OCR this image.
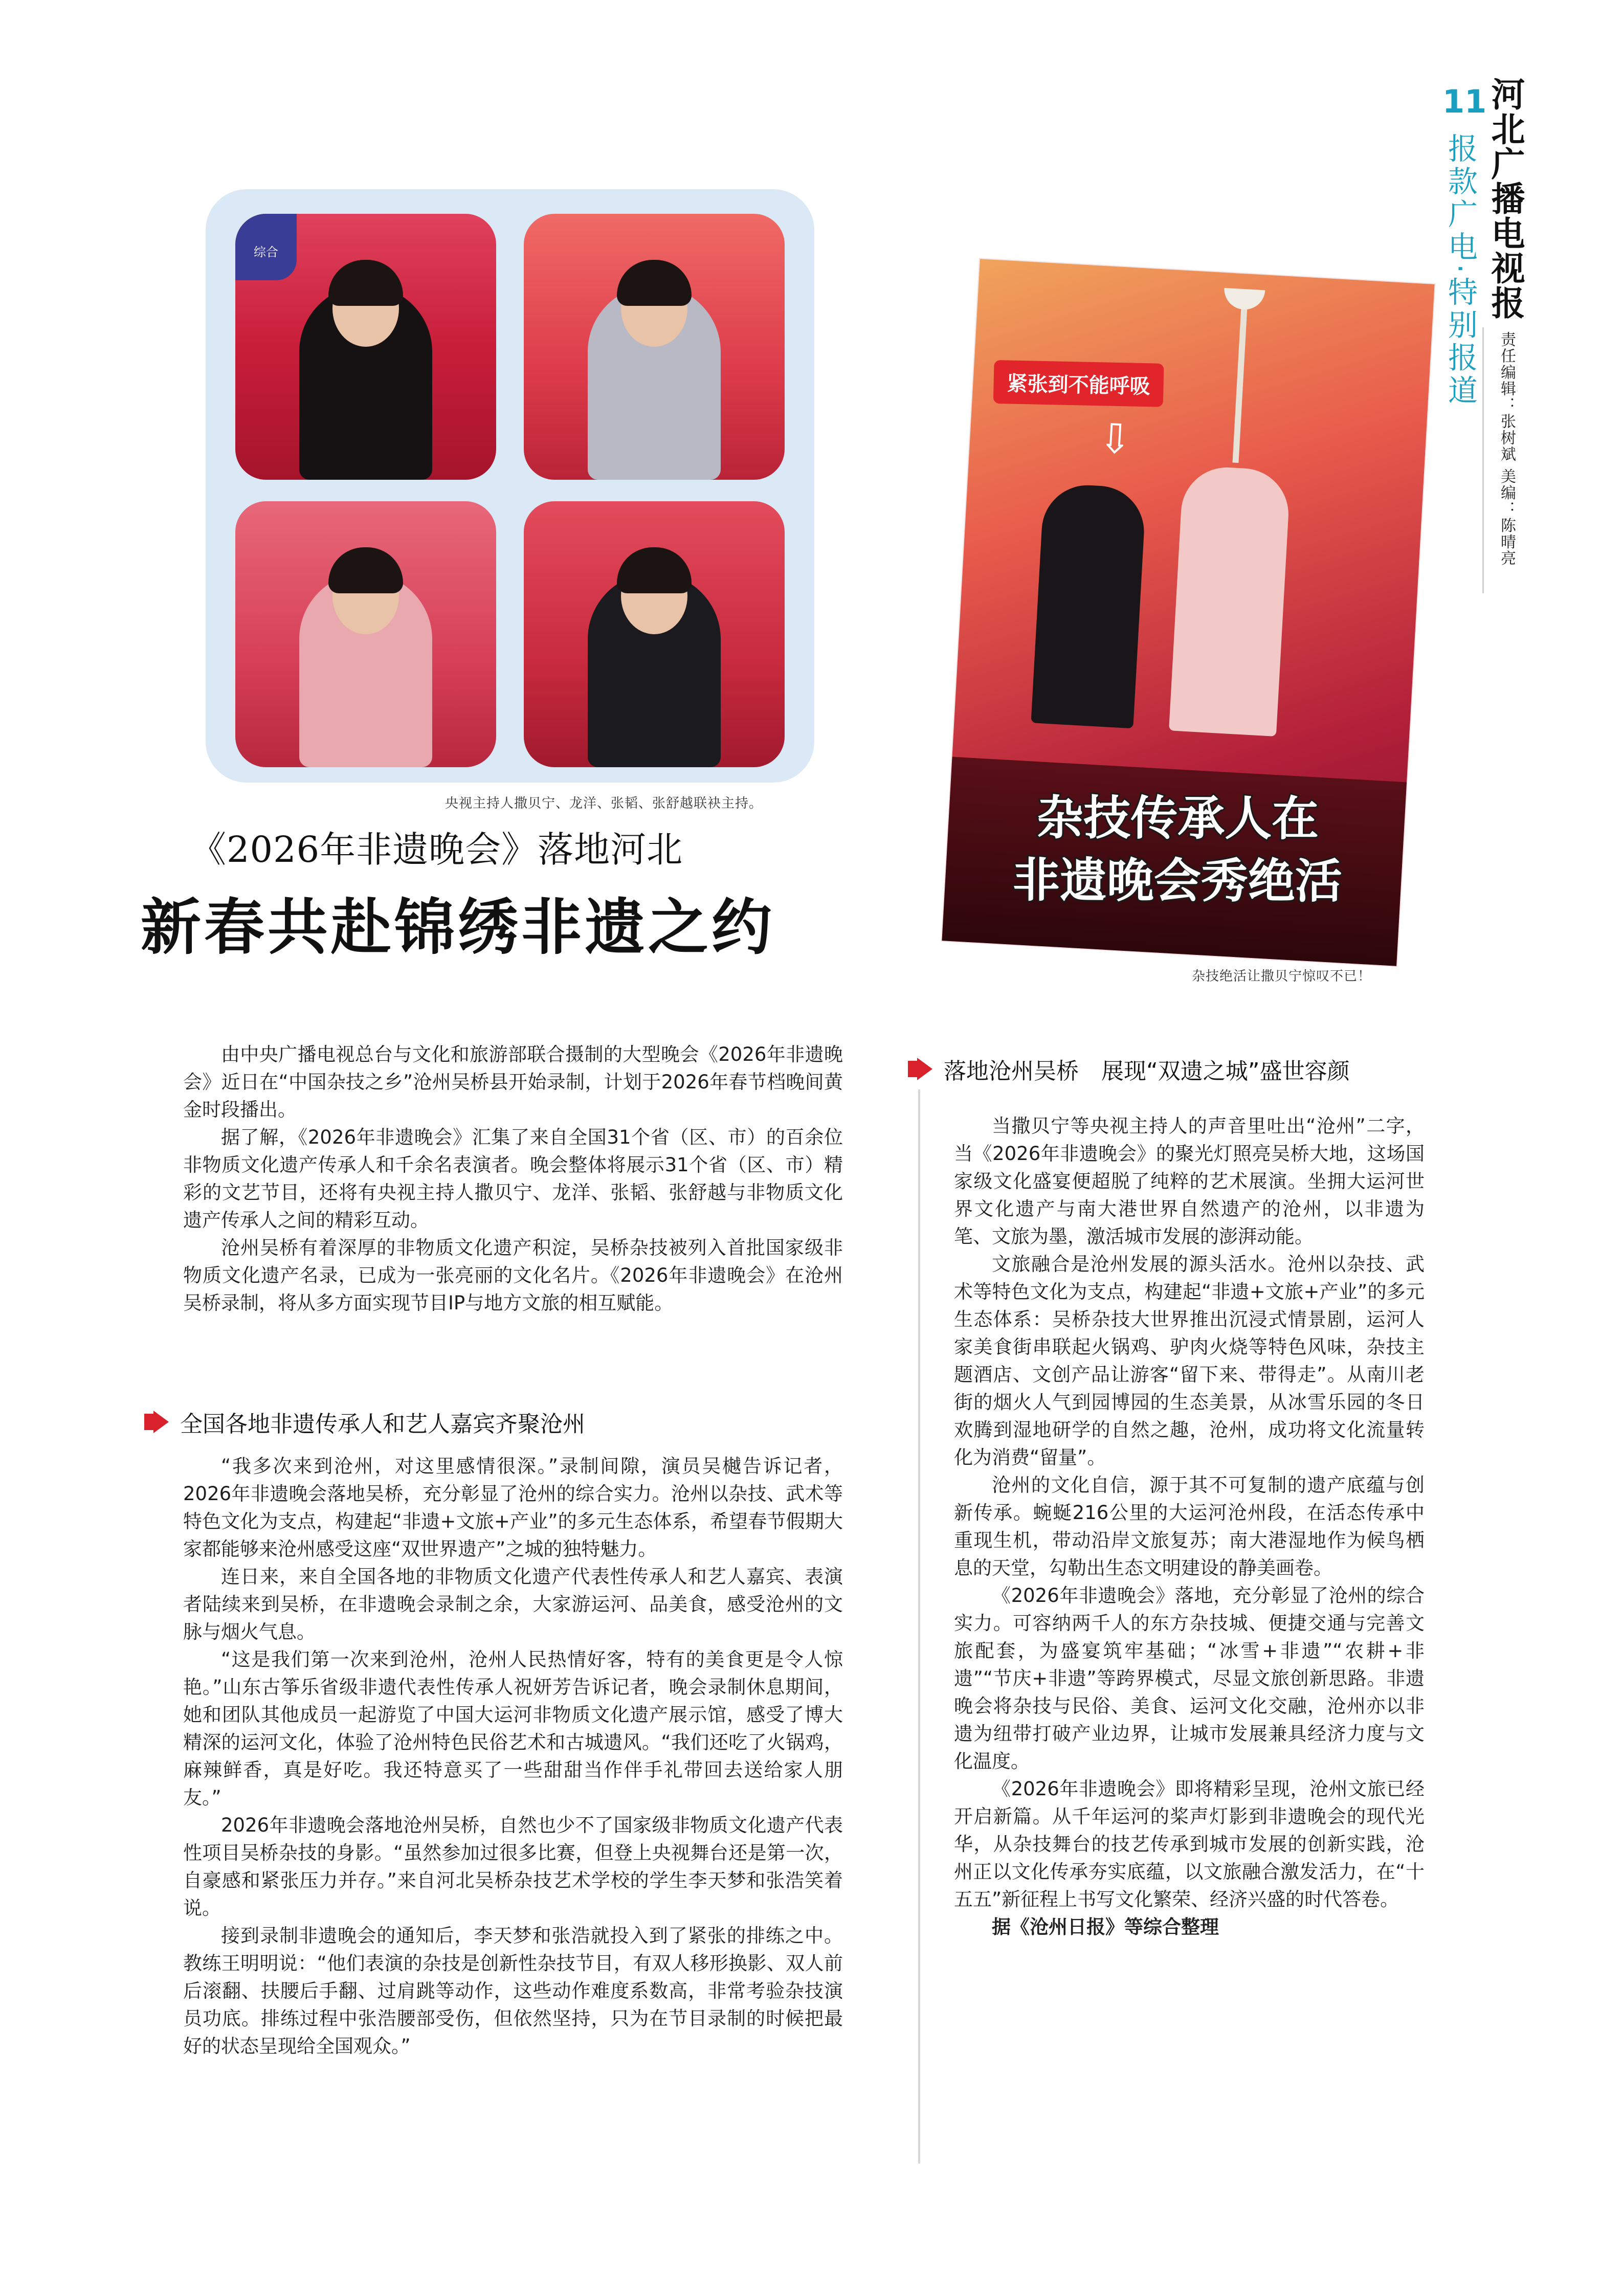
11
河北广播电视报
报款广电·特别报道
责任编辑：张树斌 美编：陈晴亮
综合
央视主持人撒贝宁、龙洋、张韬、张舒越联袂主持。
紧张到不能呼吸
⇩
杂技传承人在
非遗晚会秀绝活
杂技绝活让撒贝宁惊叹不已！
《2026年非遗晚会》落地河北
新春共赴锦绣非遗之约

由中央广播电视总台与文化和旅游部联合摄制的大型晚会《2026年非遗晚会》近日在“中国杂技之乡”沧州吴桥县开始录制，计划于2026年春节档晚间黄金时段播出。

据了解，《2026年非遗晚会》汇集了来自全国31个省（区、市）的百余位非物质文化遗产传承人和千余名表演者。晚会整体将展示31个省（区、市）精彩的文艺节目，还将有央视主持人撒贝宁、龙洋、张韬、张舒越与非物质文化遗产传承人之间的精彩互动。

沧州吴桥有着深厚的非物质文化遗产积淀，吴桥杂技被列入首批国家级非物质文化遗产名录，已成为一张亮丽的文化名片。《2026年非遗晚会》在沧州吴桥录制，将从多方面实现节目IP与地方文旅的相互赋能。

全国各地非遗传承人和艺人嘉宾齐聚沧州

“我多次来到沧州，对这里感情很深。”录制间隙，演员吴樾告诉记者，2026年非遗晚会落地吴桥，充分彰显了沧州的综合实力。沧州以杂技、武术等特色文化为支点，构建起“非遗+文旅+产业”的多元生态体系，希望春节假期大家都能够来沧州感受这座“双世界遗产”之城的独特魅力。

连日来，来自全国各地的非物质文化遗产代表性传承人和艺人嘉宾、表演者陆续来到吴桥，在非遗晚会录制之余，大家游运河、品美食，感受沧州的文脉与烟火气息。

“这是我们第一次来到沧州，沧州人民热情好客，特有的美食更是令人惊艳。”山东古筝乐省级非遗代表性传承人祝妍芳告诉记者，晚会录制休息期间，她和团队其他成员一起游览了中国大运河非物质文化遗产展示馆，感受了博大精深的运河文化，体验了沧州特色民俗艺术和古城遗风。“我们还吃了火锅鸡，麻辣鲜香，真是好吃。我还特意买了一些甜甜当作伴手礼带回去送给家人朋友。”

2026年非遗晚会落地沧州吴桥，自然也少不了国家级非物质文化遗产代表性项目吴桥杂技的身影。“虽然参加过很多比赛，但登上央视舞台还是第一次，自豪感和紧张压力并存。”来自河北吴桥杂技艺术学校的学生李天梦和张浩笑着说。

接到录制非遗晚会的通知后，李天梦和张浩就投入到了紧张的排练之中。教练王明明说：“他们表演的杂技是创新性杂技节目，有双人移形换影、双人前后滚翻、扶腰后手翻、过肩跳等动作，这些动作难度系数高，非常考验杂技演员功底。排练过程中张浩腰部受伤，但依然坚持，只为在节目录制的时候把最好的状态呈现给全国观众。”

落地沧州吴桥　展现“双遗之城”盛世容颜

当撒贝宁等央视主持人的声音里吐出“沧州”二字，当《2026年非遗晚会》的聚光灯照亮吴桥大地，这场国家级文化盛宴便超脱了纯粹的艺术展演。坐拥大运河世界文化遗产与南大港世界自然遗产的沧州，以非遗为笔、文旅为墨，激活城市发展的澎湃动能。

文旅融合是沧州发展的源头活水。沧州以杂技、武术等特色文化为支点，构建起“非遗+文旅+产业”的多元生态体系：吴桥杂技大世界推出沉浸式情景剧，运河人家美食街串联起火锅鸡、驴肉火烧等特色风味，杂技主题酒店、文创产品让游客“留下来、带得走”。从南川老街的烟火人气到园博园的生态美景，从冰雪乐园的冬日欢腾到湿地研学的自然之趣，沧州，成功将文化流量转化为消费“留量”。

沧州的文化自信，源于其不可复制的遗产底蕴与创新传承。蜿蜒216公里的大运河沧州段，在活态传承中重现生机，带动沿岸文旅复苏；南大港湿地作为候鸟栖息的天堂，勾勒出生态文明建设的静美画卷。

《2026年非遗晚会》落地，充分彰显了沧州的综合实力。可容纳两千人的东方杂技城、便捷交通与完善文旅配套，为盛宴筑牢基础；“冰雪+非遗”“农耕+非遗”“节庆+非遗”等跨界模式，尽显文旅创新思路。非遗晚会将杂技与民俗、美食、运河文化交融，沧州亦以非遗为纽带打破产业边界，让城市发展兼具经济力度与文化温度。

《2026年非遗晚会》即将精彩呈现，沧州文旅已经开启新篇。从千年运河的桨声灯影到非遗晚会的现代光华，从杂技舞台的技艺传承到城市发展的创新实践，沧州正以文化传承夯实底蕴，以文旅融合激发活力，在“十五五”新征程上书写文化繁荣、经济兴盛的时代答卷。

据《沧州日报》等综合整理
